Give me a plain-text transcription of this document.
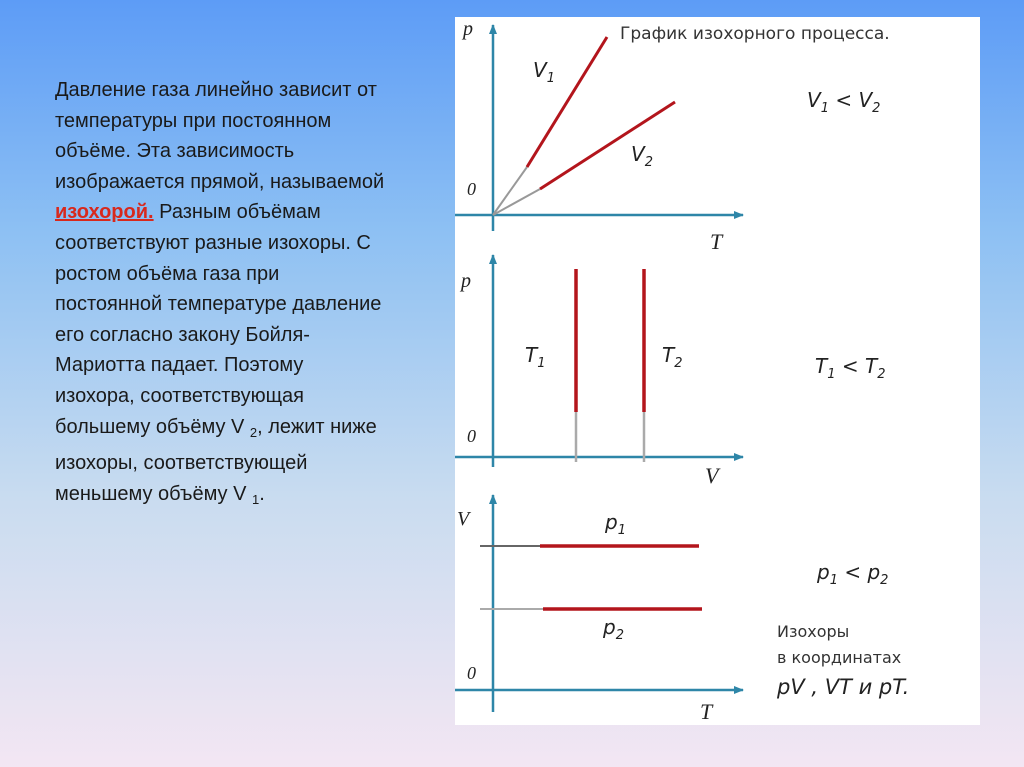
Давление газа линейно зависит от температуры при постоянном объёме. Эта зависимость изображается прямой, называемой изохорой. Разным объёмам соответствуют разные изохоры. С ростом объёма газа при постоянной температуре давление его согласно закону Бойля-Мариотта падает. Поэтому изохора, соответствующая большему объёму V $_2$, лежит ниже изохоры, соответствующей меньшему объёму V $_1$.
График изохорного процесса.
p
T
0
$V_1$
$V_2$
$V_1 < V_2$
p
V
0
$T_1$	$T_2$	$T_1 < T_2$
V
T
0
$p_1$
$p_2$
$p_1 < p_2$
Изохоры
в координатах
pV , VT и pT.
